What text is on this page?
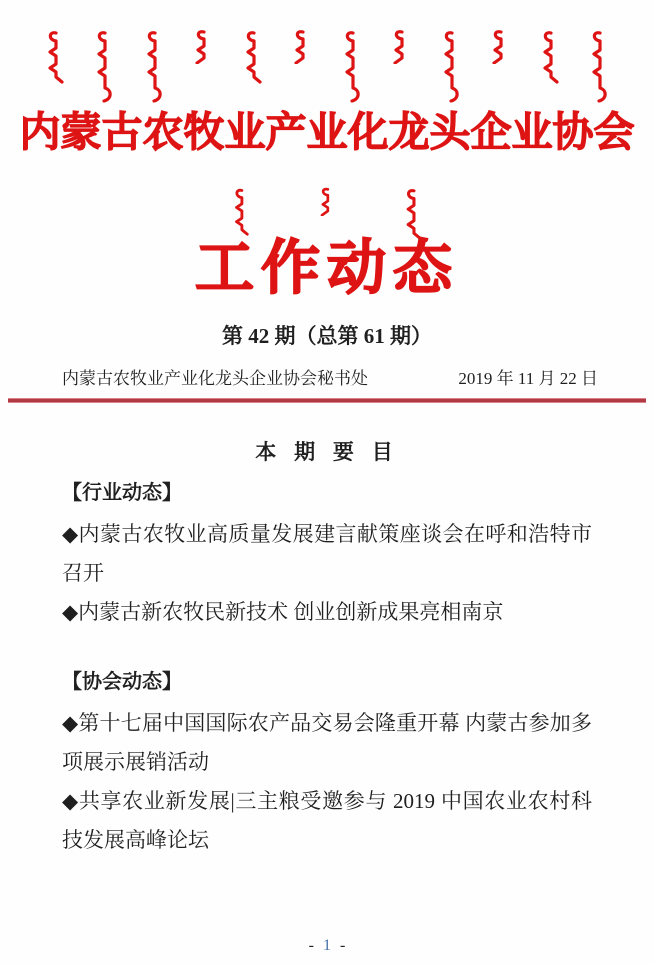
内蒙古农牧业产业化龙头企业协会
工作动态
第 42 期（总第 61 期）
内蒙古农牧业产业化龙头企业协会秘书处	2019 年 11 月 22 日
本 期 要 目
【行业动态】

◆内蒙古农牧业高质量发展建言献策座谈会在呼和浩特市召开

◆内蒙古新农牧民新技术 创业创新成果亮相南京

【协会动态】

◆第十七届中国国际农产品交易会隆重开幕 内蒙古参加多项展示展销活动

◆共享农业新发展|三主粮受邀参与 2019 中国农业农村科技发展高峰论坛

- 1 -
